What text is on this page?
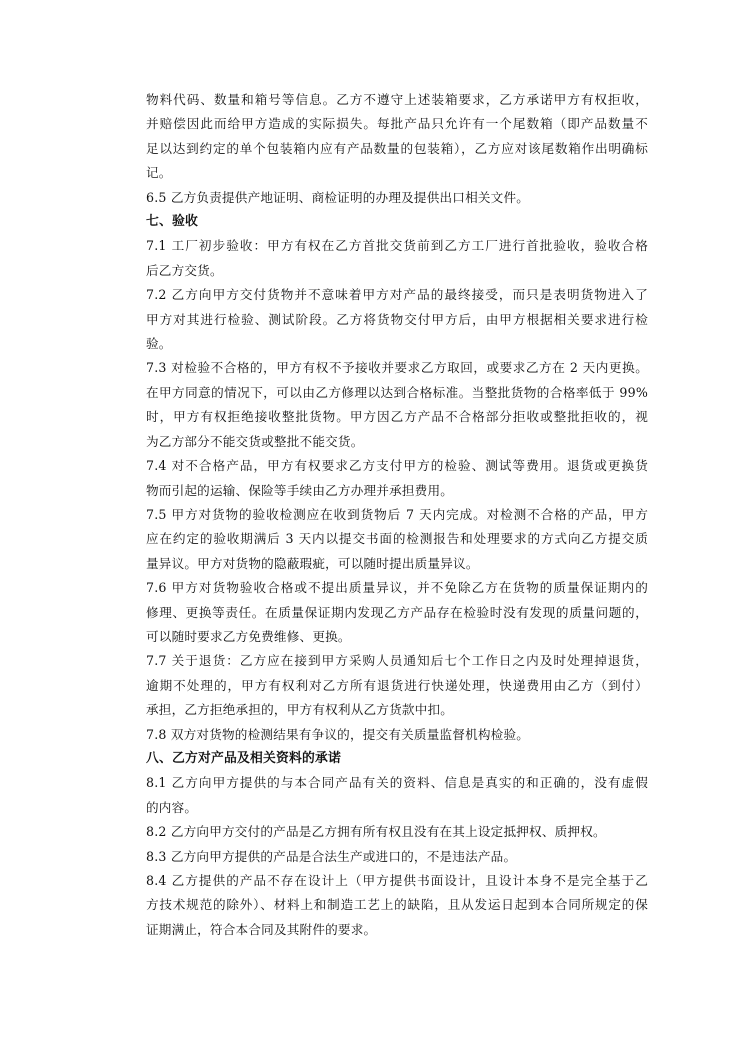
物料代码、数量和箱号等信息。乙方不遵守上述装箱要求，乙方承诺甲方有权拒收，
并赔偿因此而给甲方造成的实际损失。每批产品只允许有一个尾数箱（即产品数量不
足以达到约定的单个包装箱内应有产品数量的包装箱），乙方应对该尾数箱作出明确标
记。
6.5 乙方负责提供产地证明、商检证明的办理及提供出口相关文件。
七、验收
7.1 工厂初步验收：甲方有权在乙方首批交货前到乙方工厂进行首批验收，验收合格
后乙方交货。
7.2 乙方向甲方交付货物并不意味着甲方对产品的最终接受，而只是表明货物进入了
甲方对其进行检验、测试阶段。乙方将货物交付甲方后，由甲方根据相关要求进行检
验。
7.3 对检验不合格的，甲方有权不予接收并要求乙方取回，或要求乙方在 2 天内更换。
在甲方同意的情况下，可以由乙方修理以达到合格标准。当整批货物的合格率低于 99%
时，甲方有权拒绝接收整批货物。甲方因乙方产品不合格部分拒收或整批拒收的，视
为乙方部分不能交货或整批不能交货。
7.4 对不合格产品，甲方有权要求乙方支付甲方的检验、测试等费用。退货或更换货
物而引起的运输、保险等手续由乙方办理并承担费用。
7.5 甲方对货物的验收检测应在收到货物后 7 天内完成。对检测不合格的产品，甲方
应在约定的验收期满后 3 天内以提交书面的检测报告和处理要求的方式向乙方提交质
量异议。甲方对货物的隐蔽瑕疵，可以随时提出质量异议。
7.6 甲方对货物验收合格或不提出质量异议，并不免除乙方在货物的质量保证期内的
修理、更换等责任。在质量保证期内发现乙方产品存在检验时没有发现的质量问题的，
可以随时要求乙方免费维修、更换。
7.7 关于退货：乙方应在接到甲方采购人员通知后七个工作日之内及时处理掉退货，
逾期不处理的，甲方有权利对乙方所有退货进行快递处理，快递费用由乙方（到付）
承担，乙方拒绝承担的，甲方有权利从乙方货款中扣。
7.8 双方对货物的检测结果有争议的，提交有关质量监督机构检验。
八、乙方对产品及相关资料的承诺
8.1 乙方向甲方提供的与本合同产品有关的资料、信息是真实的和正确的，没有虚假
的内容。
8.2 乙方向甲方交付的产品是乙方拥有所有权且没有在其上设定抵押权、质押权。
8.3 乙方向甲方提供的产品是合法生产或进口的，不是违法产品。
8.4 乙方提供的产品不存在设计上（甲方提供书面设计，且设计本身不是完全基于乙
方技术规范的除外）、材料上和制造工艺上的缺陷，且从发运日起到本合同所规定的保
证期满止，符合本合同及其附件的要求。
